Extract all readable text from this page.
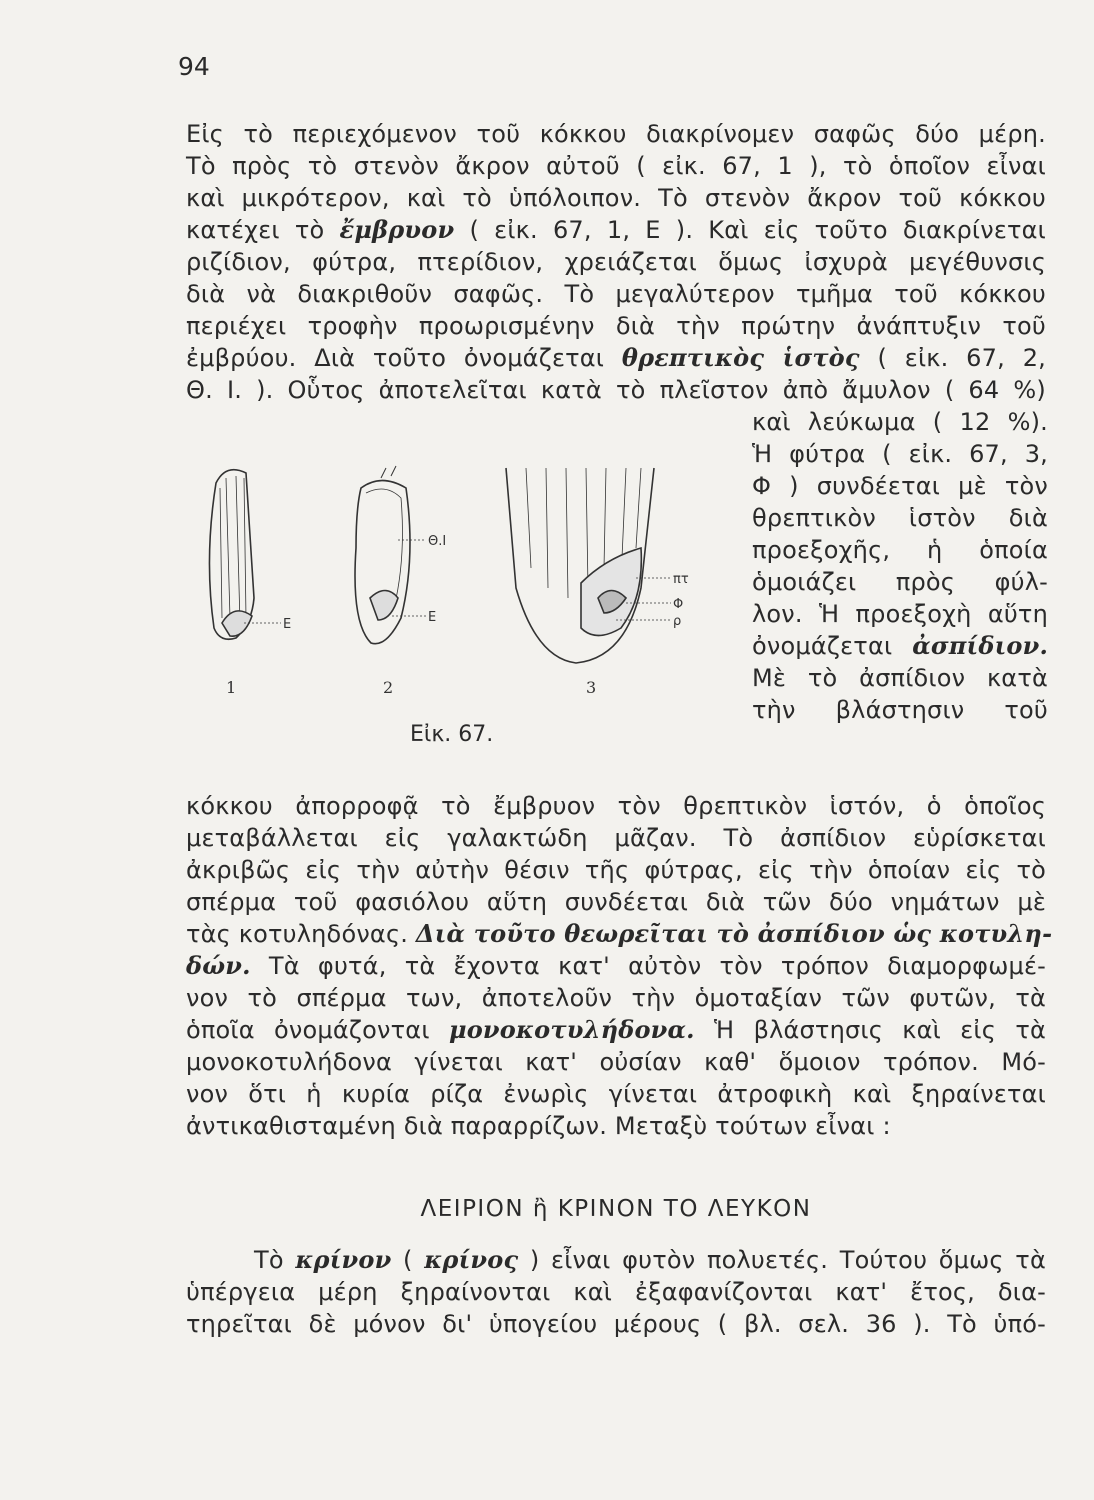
94
Εἰς τὸ περιεχόμενον τοῦ κόκκου διακρίνομεν σαφῶς δύο μέρη.
Τὸ πρὸς τὸ στενὸν ἄκρον αὐτοῦ ( εἰκ. 67, 1 ), τὸ ὁποῖον εἶναι
καὶ μικρότερον, καὶ τὸ ὑπόλοιπον. Τὸ στενὸν ἄκρον τοῦ κόκκου
κατέχει τὸ ἔμβρυον ( εἰκ. 67, 1, Ε ). Καὶ εἰς τοῦτο διακρίνεται
ριζίδιον, φύτρα, πτερίδιον, χρειάζεται ὅμως ἰσχυρὰ μεγέθυνσις
διὰ νὰ διακριθοῦν σαφῶς. Τὸ μεγαλύτερον τμῆμα τοῦ κόκκου
περιέχει τροφὴν προωρισμένην διὰ τὴν πρώτην ἀνάπτυξιν τοῦ
ἐμβρύου. Διὰ τοῦτο ὀνομάζεται θρεπτικὸς ἱστὸς ( εἰκ. 67, 2,
Θ. Ι. ). Οὗτος ἀποτελεῖται κατὰ τὸ πλεῖστον ἀπὸ ἄμυλον ( 64 %)
καὶ λεύκωμα ( 12 %).
Ἡ φύτρα ( εἰκ. 67, 3,
Φ ) συνδέεται μὲ τὸν
θρεπτικὸν ἱστὸν διὰ
προεξοχῆς, ἡ ὁποία
ὁμοιάζει πρὸς φύλ-
λον. Ἡ προεξοχὴ αὕτη
ὀνομάζεται ἀσπίδιον.
Μὲ τὸ ἀσπίδιον κατὰ
τὴν βλάστησιν τοῦ
Θ.Ι
Ε	Ε
πτ
Φ
ρ
1	2	3
Εἰκ. 67.
κόκκου ἀπορροφᾷ τὸ ἔμβρυον τὸν θρεπτικὸν ἱστόν, ὁ ὁποῖος
μεταβάλλεται εἰς γαλακτώδη μᾶζαν. Τὸ ἀσπίδιον εὑρίσκεται
ἀκριβῶς εἰς τὴν αὐτὴν θέσιν τῆς φύτρας, εἰς τὴν ὁποίαν εἰς τὸ
σπέρμα τοῦ φασιόλου αὕτη συνδέεται διὰ τῶν δύο νημάτων μὲ
τὰς κοτυληδόνας. Διὰ τοῦτο θεωρεῖται τὸ ἀσπίδιον ὡς κοτυλη-
δών. Τὰ φυτά, τὰ ἔχοντα κατ' αὐτὸν τὸν τρόπον διαμορφωμέ-
νον τὸ σπέρμα των, ἀποτελοῦν τὴν ὁμοταξίαν τῶν φυτῶν, τὰ
ὁποῖα ὀνομάζονται μονοκοτυλήδονα. Ἡ βλάστησις καὶ εἰς τὰ
μονοκοτυλήδονα γίνεται κατ' οὐσίαν καθ' ὅμοιον τρόπον. Μό-
νον ὅτι ἡ κυρία ρίζα ἐνωρὶς γίνεται ἀτροφικὴ καὶ ξηραίνεται
ἀντικαθισταμένη διὰ παραρρίζων. Μεταξὺ τούτων εἶναι :
ΛΕΙΡΙΟΝ ἢ ΚΡΙΝΟΝ ΤΟ ΛΕΥΚΟΝ
Τὸ κρίνον ( κρίνος ) εἶναι φυτὸν πολυετές. Τούτου ὅμως τὰ
ὑπέργεια μέρη ξηραίνονται καὶ ἐξαφανίζονται κατ' ἔτος, δια-
τηρεῖται δὲ μόνον δι' ὑπογείου μέρους ( βλ. σελ. 36 ). Τὸ ὑπό-
